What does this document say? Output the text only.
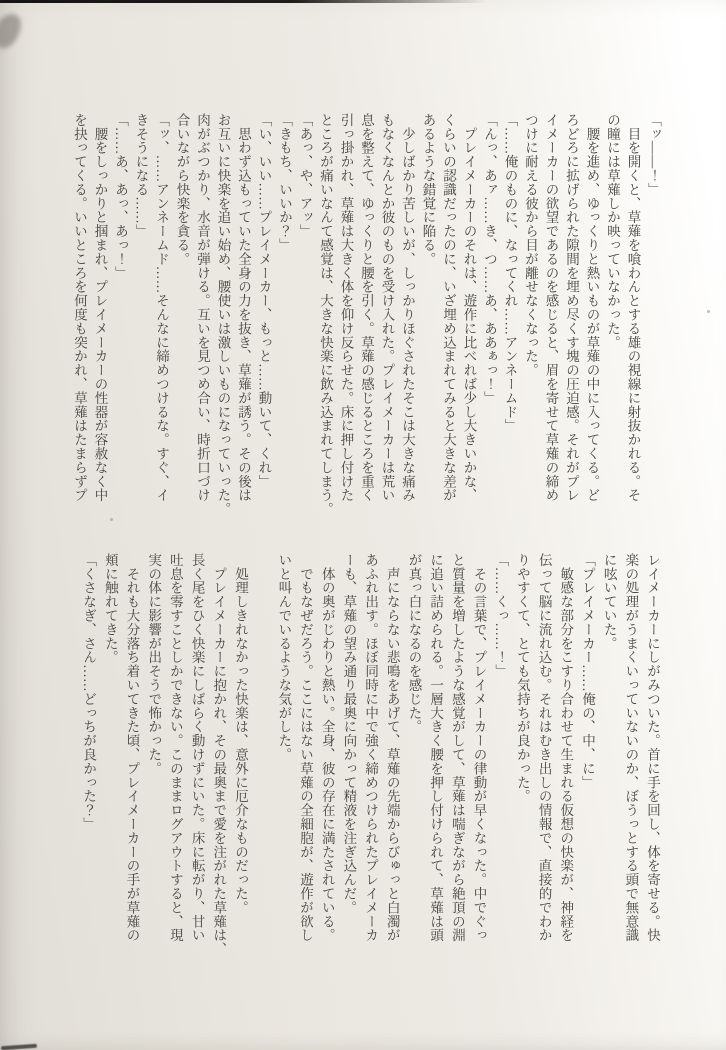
「ッ――！」
　目を開くと、草薙を喰わんとする雄の視線に射抜かれる。そ
の瞳には草薙しか映っていなかった。
　腰を進め、ゆっくりと熱いものが草薙の中に入ってくる。ど
ろどろに拡げられた隙間を埋め尽くす塊の圧迫感。それがプレ
イメーカーの欲望であるのを感じると、眉を寄せて草薙の締め
つけに耐える彼から目が離せなくなった。
「……俺のものに、なってくれ……アンネームド」
「んっ、あァ……き、つ……あ、ああぁっ！」
　プレイメーカーのそれは、遊作に比べれば少し大きいかな、
くらいの認識だったのに、いざ埋め込まれてみると大きな差が
あるような錯覚に陥る。
　少しばかり苦しいが、しっかりほぐされたそこは大きな痛み
もなくなんとか彼のものを受け入れた。プレイメーカーは荒い
息を整えて、ゆっくりと腰を引く。草薙の感じるところを重く
引っ掛かれ、草薙は大きく体を仰け反らせた。床に押し付けた
ところが痛いなんて感覚は、大きな快楽に飲み込まれてしまう。
「あっ、や、アッ」
「きもち、いいか？」
「い、いい……プレイメーカー、もっと……動いて、くれ」
　思わず込もっていた全身の力を抜き、草薙が誘う。その後は
お互いに快楽を追い始め、腰使いは激しいものになっていった。
肉がぶつかり、水音が弾ける。互いを見つめ合い、時折口づけ
合いながら快楽を貪る。
「ッ、……アンネームド……そんなに締めつけるな。すぐ、イ
きそうになる……」
「……あ、あっ、あっ！」
　腰をしっかりと掴まれ、プレイメーカーの性器が容赦なく中
を抉ってくる。いいところを何度も突かれ、草薙はたまらずプ
レイメーカーにしがみついた。首に手を回し、体を寄せる。快
楽の処理がうまくいっていないのか、ぼうっとする頭で無意識
に呟いていた。
「プレイメーカー……俺の、中、に」
　敏感な部分をこすり合わせて生まれる仮想の快楽が、神経を
伝って脳に流れ込む。それはむき出しの情報で、直接的でわか
りやすくて、とても気持ちが良かった。
「……くっ……！」
　その言葉で、プレイメーカーの律動が早くなった。中でぐっ
と質量を増したような感覚がして、草薙は喘ぎながら絶頂の淵
に追い詰められる。一層大きく腰を押し付けられて、草薙は頭
が真っ白になるのを感じた。
　声にならない悲鳴をあげて、草薙の先端からびゅっと白濁が
あふれ出す。ほぼ同時に中で強く締めつけられたプレイメーカ
ーも、草薙の望み通り最奥に向かって精液を注ぎ込んだ。
　体の奥がじわりと熱い。全身、彼の存在に満たされている。
　でもなぜだろう。ここにはない草薙の全細胞が、遊作が欲し
いと叫んでいるような気がした。

　処理しきれなかった快楽は、意外に厄介なものだった。
　プレイメーカーに抱かれ、その最奥まで愛を注がれた草薙は、
長く尾をひく快楽にしばらく動けずにいた。床に転がり、甘い
吐息を零すことしかできない。このままログアウトすると、現
実の体に影響が出そうで怖かった。
　それも大分落ち着いてきた頃、プレイメーカーの手が草薙の
頬に触れてきた。
「くさなぎ、さん……どっちが良かった？」
